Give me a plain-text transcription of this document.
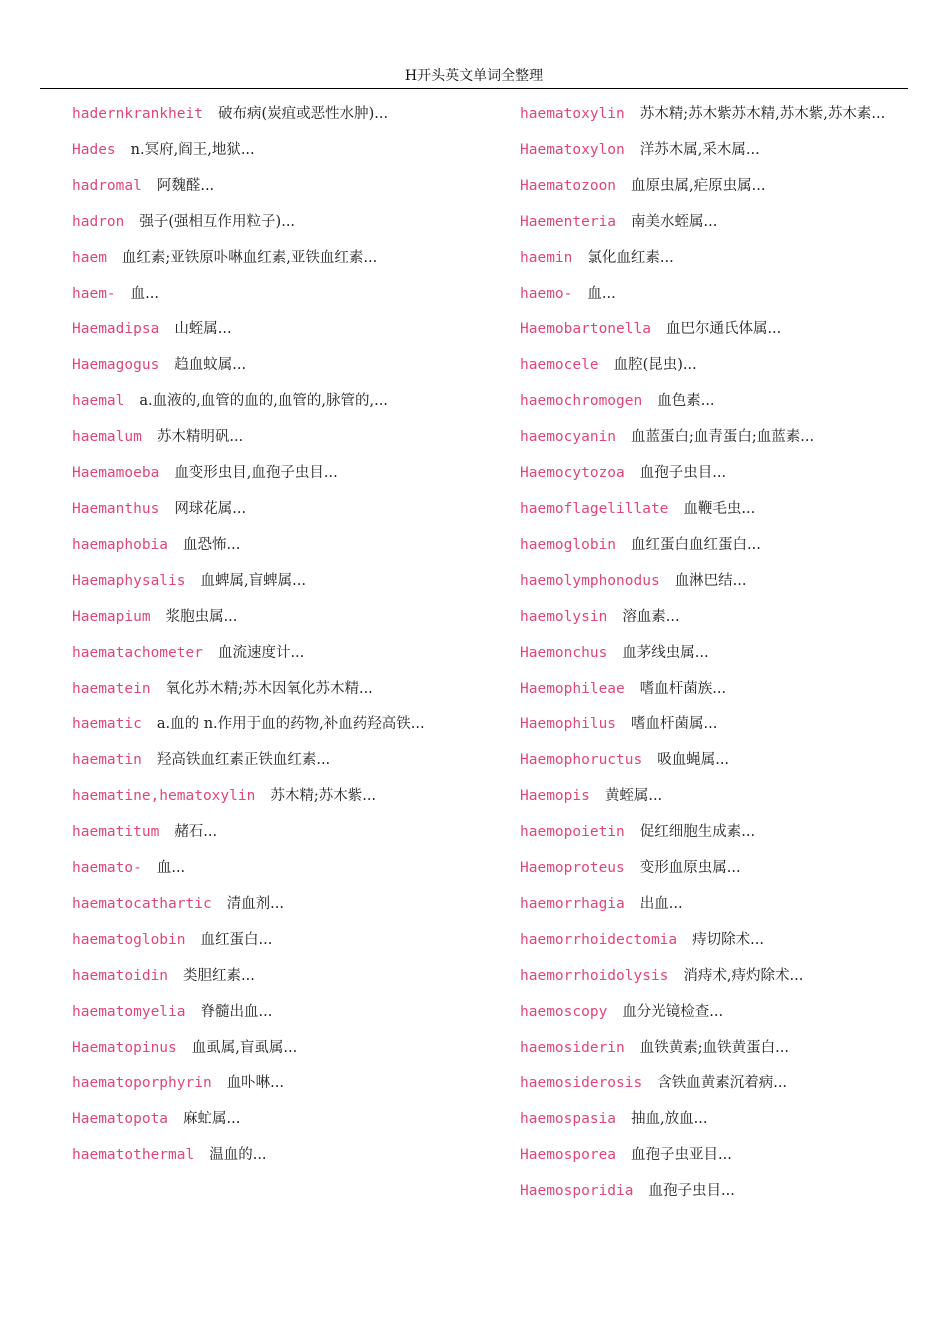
H开头英文单词全整理

hadernkrankheit 破布病(炭疽或恶性水肿)...

Hades n.冥府,阎王,地狱...

hadromal 阿魏醛...

hadron 强子(强相互作用粒子)...

haem 血红素;亚铁原卟啉血红素,亚铁血红素...

haem- 血...

Haemadipsa 山蛭属...

Haemagogus 趋血蚊属...

haemal a.血液的,血管的血的,血管的,脉管的,...

haemalum 苏木精明矾...

Haemamoeba 血变形虫目,血孢子虫目...

Haemanthus 网球花属...

haemaphobia 血恐怖...

Haemaphysalis 血蜱属,盲蜱属...

Haemapium 浆胞虫属...

haematachometer 血流速度计...

haematein 氧化苏木精;苏木因氧化苏木精...

haematic a.血的 n.作用于血的药物,补血药羟高铁...

haematin 羟高铁血红素正铁血红素...

haematine,hematoxylin 苏木精;苏木紫...

haematitum 赭石...

haemato- 血...

haematocathartic 清血剂...

haematoglobin 血红蛋白...

haematoidin 类胆红素...

haematomyelia 脊髓出血...

Haematopinus 血虱属,盲虱属...

haematoporphyrin 血卟啉...

Haematopota 麻虻属...

haematothermal 温血的...

haematoxylin 苏木精;苏木紫苏木精,苏木紫,苏木素...

Haematoxylon 洋苏木属,采木属...

Haematozoon 血原虫属,疟原虫属...

Haementeria 南美水蛭属...

haemin 氯化血红素...

haemo- 血...

Haemobartonella 血巴尔通氏体属...

haemocele 血腔(昆虫)...

haemochromogen 血色素...

haemocyanin 血蓝蛋白;血青蛋白;血蓝素...

Haemocytozoa 血孢子虫目...

haemoflagelillate 血鞭毛虫...

haemoglobin 血红蛋白血红蛋白...

haemolymphonodus 血淋巴结...

haemolysin 溶血素...

Haemonchus 血茅线虫属...

Haemophileae 嗜血杆菌族...

Haemophilus 嗜血杆菌属...

Haemophoructus 吸血蝇属...

Haemopis 黄蛭属...

haemopoietin 促红细胞生成素...

Haemoproteus 变形血原虫属...

haemorrhagia 出血...

haemorrhoidectomia 痔切除术...

haemorrhoidolysis 消痔术,痔灼除术...

haemoscopy 血分光镜检查...

haemosiderin 血铁黄素;血铁黄蛋白...

haemosiderosis 含铁血黄素沉着病...

haemospasia 抽血,放血...

Haemosporea 血孢子虫亚目...

Haemosporidia 血孢子虫目...
